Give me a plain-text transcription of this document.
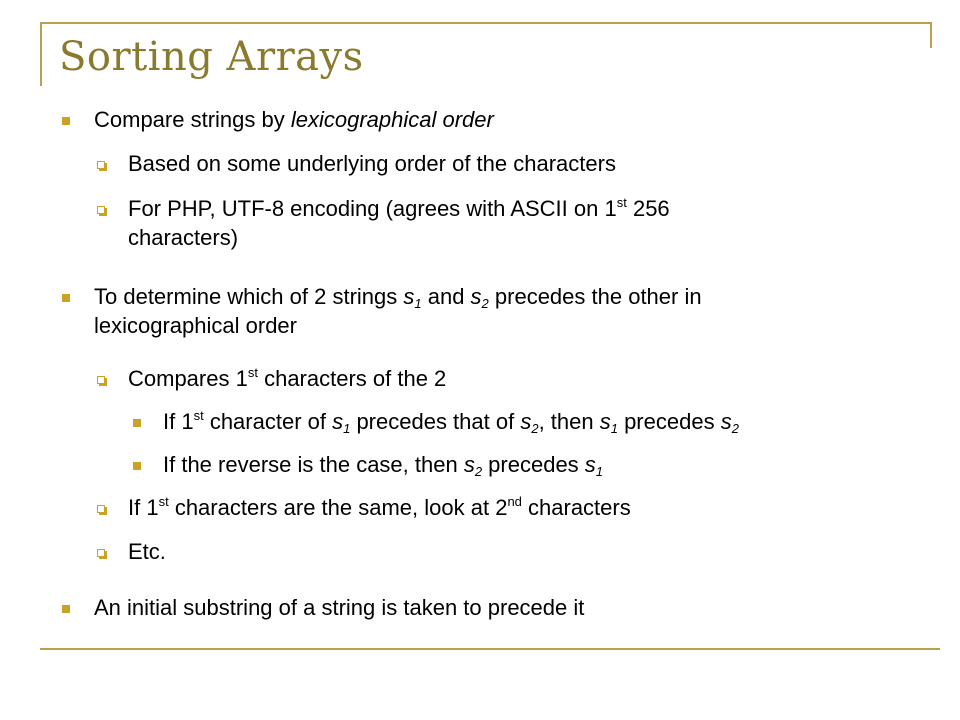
Sorting Arrays
Compare strings by lexicographical order
Based on some underlying order of the characters
For PHP, UTF-8 encoding (agrees with ASCII on 1st 256
characters)
To determine which of 2 strings $s_1$ and $s_2$ precedes the other in
lexicographical order
Compares 1st characters of the 2
If 1st character of $s_1$ precedes that of $s_2$, then $s_1$ precedes $s_2$
If the reverse is the case, then $s_2$ precedes $s_1$
If 1st characters are the same, look at 2nd characters
Etc.
An initial substring of a string is taken to precede it
